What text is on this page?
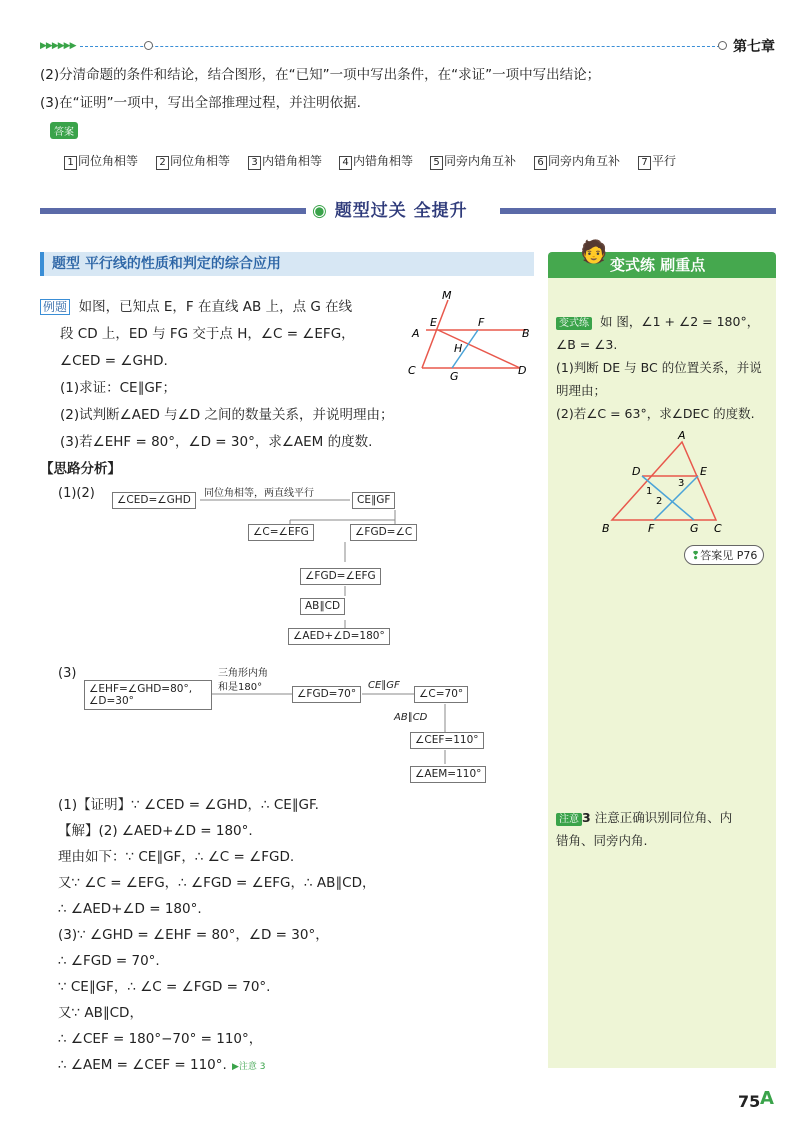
▶▶▶▶▶▶	第七章
(2)分清命题的条件和结论，结合图形，在“已知”一项中写出条件，在“求证”一项中写出结论；
(3)在“证明”一项中，写出全部推理过程，并注明依据.
答案
1 同位角相等	2 同位角相等	3 内错角相等	4 内错角相等	5 同旁内角互补	6 同旁内角互补	7 平行
◉ 题型过关 全提升
题型 平行线的性质和判定的综合应用	变式练 刷重点
🧑
变式练 如 图，∠1 + ∠2 = 180°，
∠B = ∠3.
(1)判断 DE 与 BC 的位置关系，并说
明理由；
(2)若∠C = 63°，求∠DEC 的度数.
A
D	E
B	F	G C
1
2
3
❢答案见 P76
注意 3 注意正确识别同位角、内
错角、同旁内角.
例题 如图，已知点 E，F 在直线 AB 上，点 G 在线
段 CD 上，ED 与 FG 交于点 H，∠C = ∠EFG，
∠CED = ∠GHD.
(1)求证：CE∥GF；
(2)试判断∠AED 与∠D 之间的数量关系，并说明理由；
(3)若∠EHF = 80°，∠D = 30°，求∠AEM 的度数.
【思路分析】
M
A
E	F
B
H
C	G	D
(1)(2)	∠CED=∠GHD
同位角相等，两直线平行
CE∥GF
∠C=∠EFG	∠FGD=∠C
∠FGD=∠EFG
AB∥CD
∠AED+∠D=180°
(3)
∠EHF=∠GHD=80°,
∠D=30°
三角形内角
和是180°
∠FGD=70°
CE∥GF
∠C=70°
AB∥CD
∠CEF=110°
∠AEM=110°
(1)【证明】∵ ∠CED = ∠GHD，∴ CE∥GF.
【解】(2) ∠AED+∠D = 180°.
理由如下：∵ CE∥GF，∴ ∠C = ∠FGD.
又∵ ∠C = ∠EFG，∴ ∠FGD = ∠EFG，∴ AB∥CD，
∴ ∠AED+∠D = 180°.
(3)∵ ∠GHD = ∠EHF = 80°，∠D = 30°，
∴ ∠FGD = 70°.
∵ CE∥GF，∴ ∠C = ∠FGD = 70°.
又∵ AB∥CD，
∴ ∠CEF = 180°−70° = 110°，
∴ ∠AEM = ∠CEF = 110°. ▶注意 3
75 A
